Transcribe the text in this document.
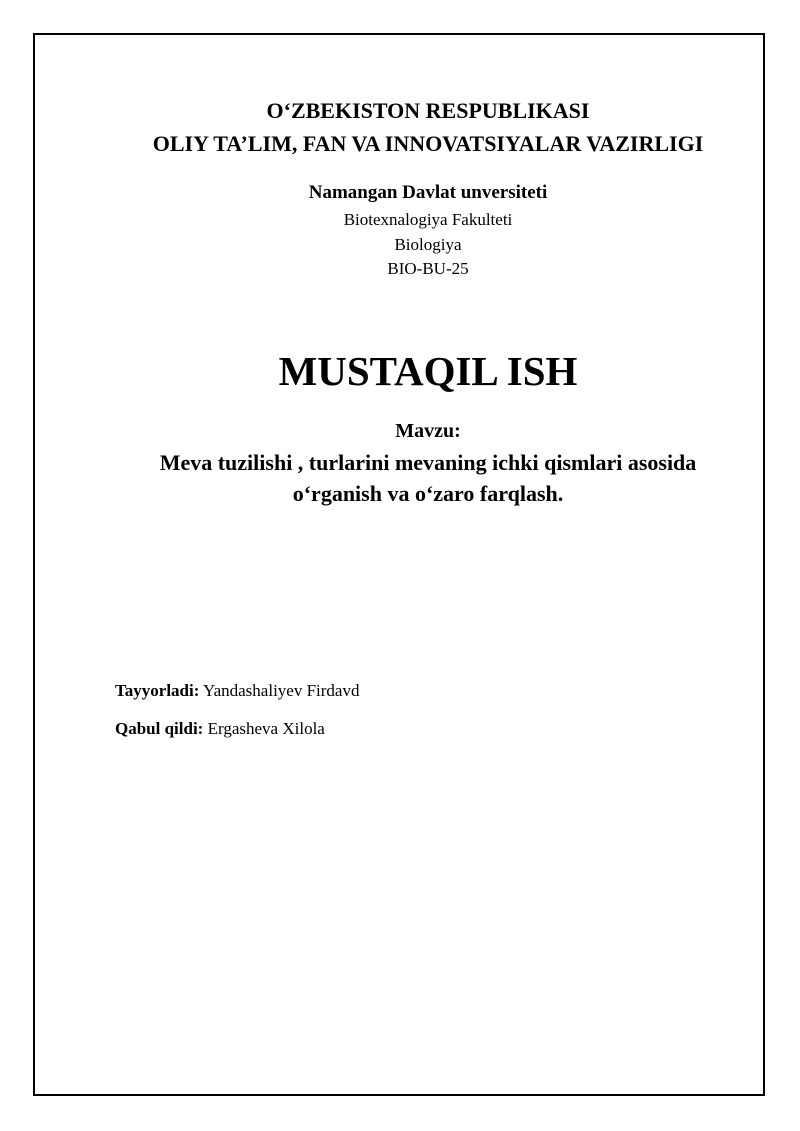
O‘ZBEKISTON RESPUBLIKASI
OLIY TA’LIM, FAN VA INNOVATSIYALAR VAZIRLIGI
Namangan Davlat unversiteti
Biotexnalogiya Fakulteti
Biologiya
BIO-BU-25
MUSTAQIL ISH
Mavzu:
Meva tuzilishi , turlarini mevaning ichki qismlari asosida
o‘rganish va o‘zaro farqlash.
Tayyorladi: Yandashaliyev Firdavd
Qabul qildi: Ergasheva Xilola
